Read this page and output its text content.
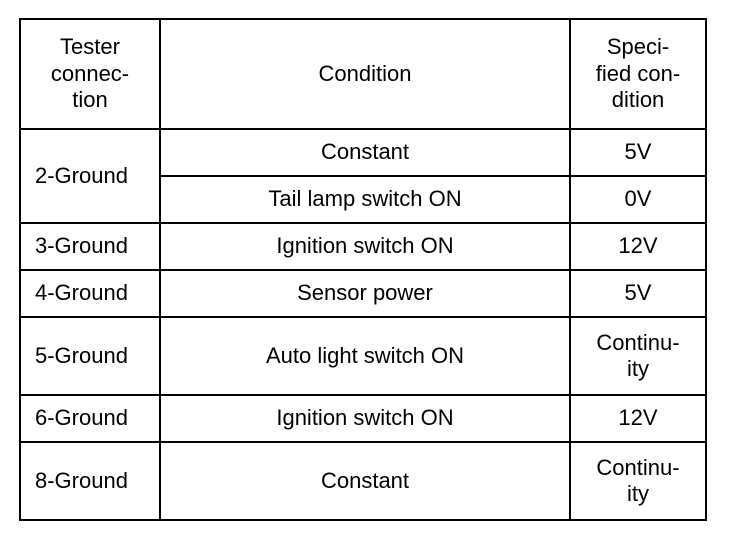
Tester
connec-
tion	Condition	Speci-
fied con-
dition
2-Ground	Constant	5V
	Tail lamp switch ON	0V
3-Ground	Ignition switch ON	12V
4-Ground	Sensor power	5V
5-Ground	Auto light switch ON	Continu-
ity
6-Ground	Ignition switch ON	12V
8-Ground	Constant	Continu-
ity
